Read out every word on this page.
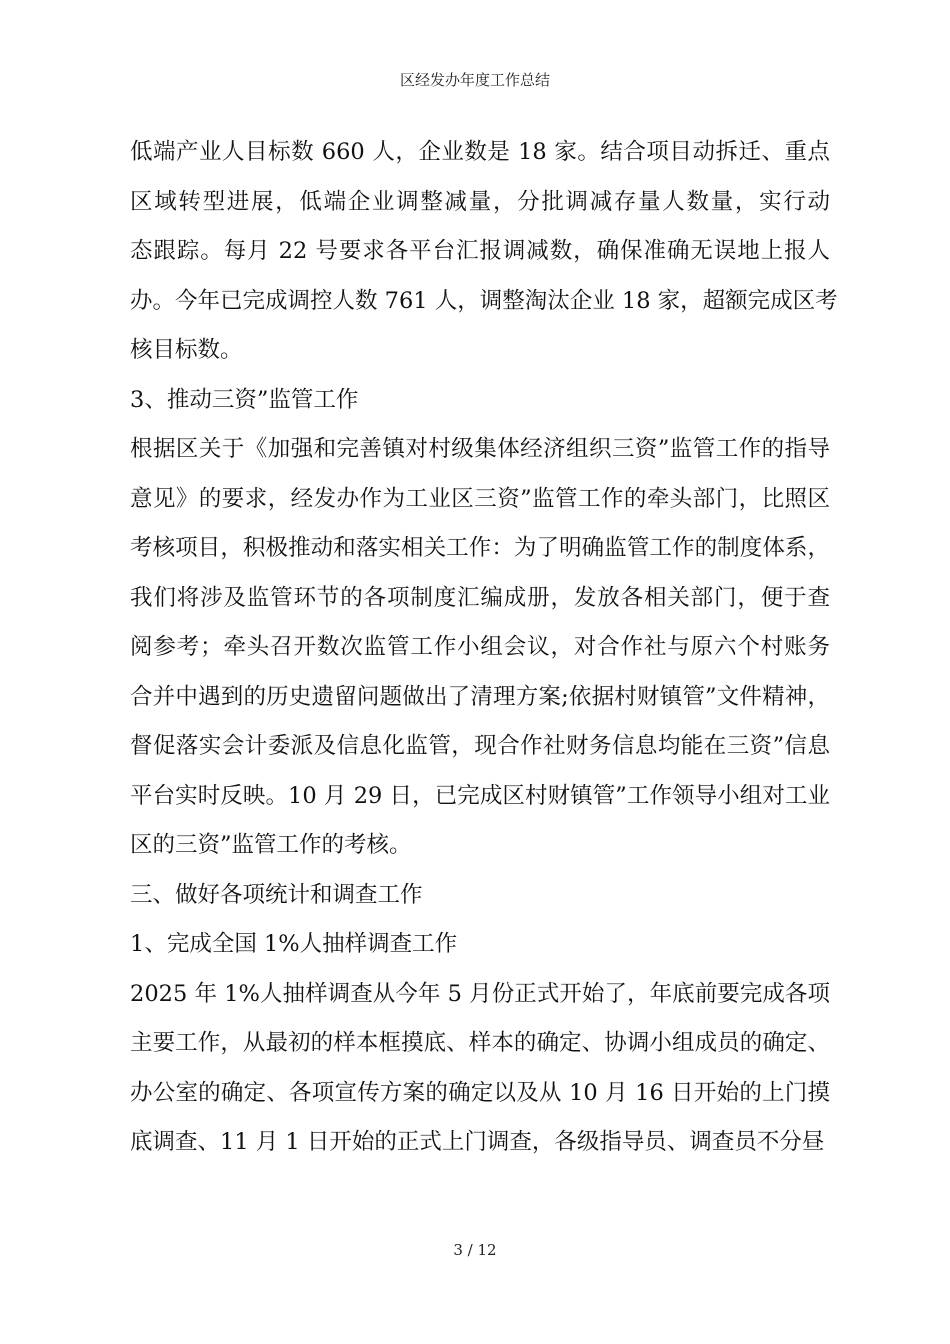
区经发办年度工作总结

低端产业人目标数 660 人，企业数是 18 家。结合项目动拆迁、重点

区域转型进展，低端企业调整减量，分批调减存量人数量，实行动

态跟踪。每月 22 号要求各平台汇报调减数，确保准确无误地上报人

办。今年已完成调控人数 761 人，调整淘汰企业 18 家，超额完成区考

核目标数。

3、推动三资”监管工作

根据区关于《加强和完善镇对村级集体经济组织三资”监管工作的指导

意见》的要求，经发办作为工业区三资”监管工作的牵头部门，比照区

考核项目，积极推动和落实相关工作：为了明确监管工作的制度体系，

我们将涉及监管环节的各项制度汇编成册，发放各相关部门，便于查

阅参考；牵头召开数次监管工作小组会议，对合作社与原六个村账务

合并中遇到的历史遗留问题做出了清理方案;依据村财镇管”文件精神，

督促落实会计委派及信息化监管，现合作社财务信息均能在三资”信息

平台实时反映。10 月 29 日，已完成区村财镇管”工作领导小组对工业

区的三资”监管工作的考核。

三、做好各项统计和调查工作

1、完成全国 1%人抽样调查工作

2025 年 1%人抽样调查从今年 5 月份正式开始了，年底前要完成各项

主要工作，从最初的样本框摸底、样本的确定、协调小组成员的确定、

办公室的确定、各项宣传方案的确定以及从 10 月 16 日开始的上门摸

底调查、11 月 1 日开始的正式上门调查，各级指导员、调查员不分昼

3 / 12
